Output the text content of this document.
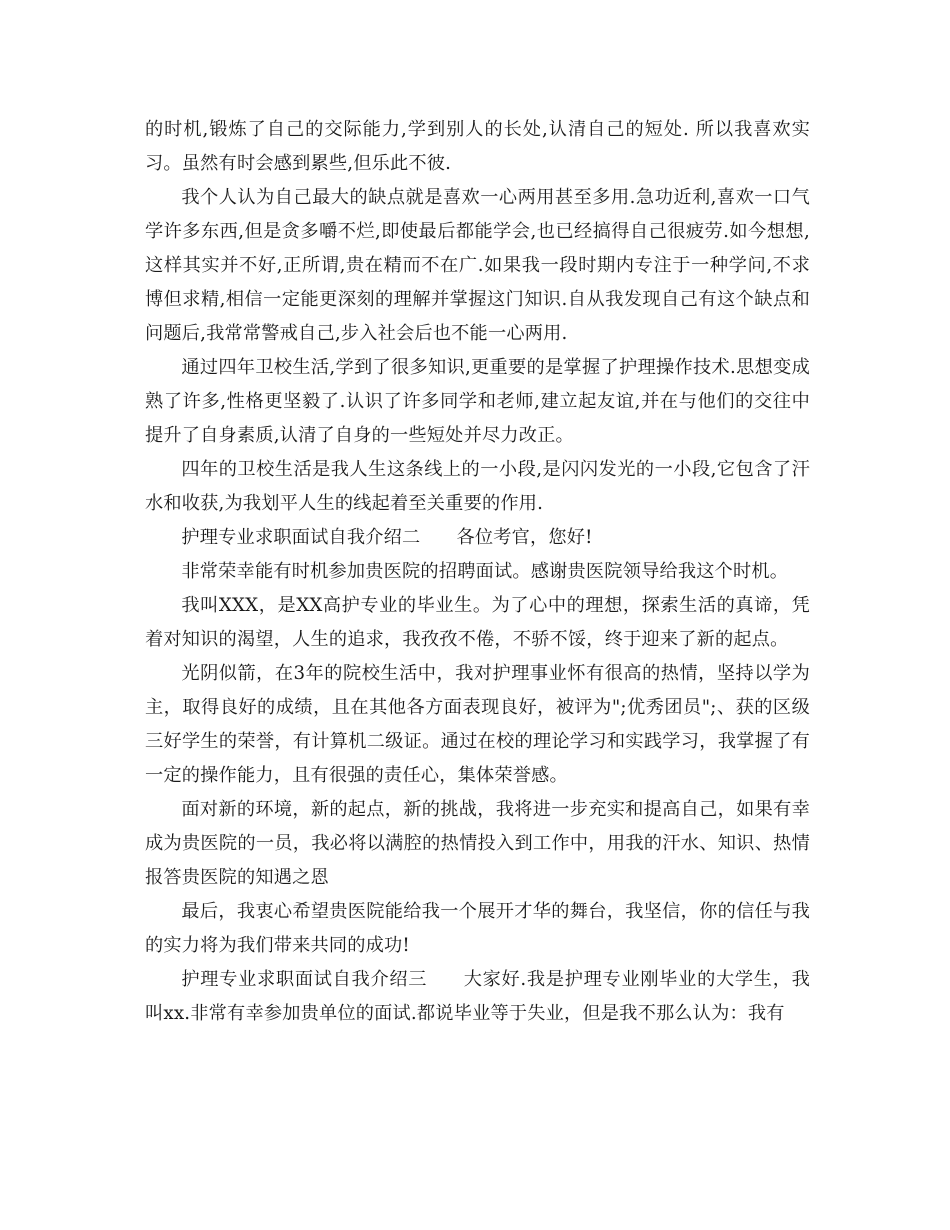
的时机,锻炼了自己的交际能力,学到别人的长处,认清自己的短处. 所以我喜欢实习。虽然有时会感到累些,但乐此不彼.

我个人认为自己最大的缺点就是喜欢一心两用甚至多用.急功近利,喜欢一口气学许多东西,但是贪多嚼不烂,即使最后都能学会,也已经搞得自己很疲劳.如今想想,这样其实并不好,正所谓,贵在精而不在广.如果我一段时期内专注于一种学问,不求博但求精,相信一定能更深刻的理解并掌握这门知识.自从我发现自己有这个缺点和问题后,我常常警戒自己,步入社会后也不能一心两用.

通过四年卫校生活,学到了很多知识,更重要的是掌握了护理操作技术.思想变成熟了许多,性格更坚毅了.认识了许多同学和老师,建立起友谊,并在与他们的交往中提升了自身素质,认清了自身的一些短处并尽力改正。

四年的卫校生活是我人生这条线上的一小段,是闪闪发光的一小段,它包含了汗水和收获,为我划平人生的线起着至关重要的作用.

护理专业求职面试自我介绍二 各位考官，您好!

非常荣幸能有时机参加贵医院的招聘面试。感谢贵医院领导给我这个时机。

我叫XXX，是XX高护专业的毕业生。为了心中的理想，探索生活的真谛，凭着对知识的渴望，人生的追求，我孜孜不倦，不骄不馁，终于迎来了新的起点。

光阴似箭，在3年的院校生活中，我对护理事业怀有很高的热情，坚持以学为主，取得良好的成绩，且在其他各方面表现良好，被评为";优秀团员";、获的区级三好学生的荣誉，有计算机二级证。通过在校的理论学习和实践学习，我掌握了有一定的操作能力，且有很强的责任心，集体荣誉感。

面对新的环境，新的起点，新的挑战，我将进一步充实和提高自己，如果有幸成为贵医院的一员，我必将以满腔的热情投入到工作中，用我的汗水、知识、热情报答贵医院的知遇之恩

最后，我衷心希望贵医院能给我一个展开才华的舞台，我坚信，你的信任与我的实力将为我们带来共同的成功!

护理专业求职面试自我介绍三 大家好.我是护理专业刚毕业的大学生，我叫xx.非常有幸参加贵单位的面试.都说毕业等于失业，但是我不那么认为：我有
